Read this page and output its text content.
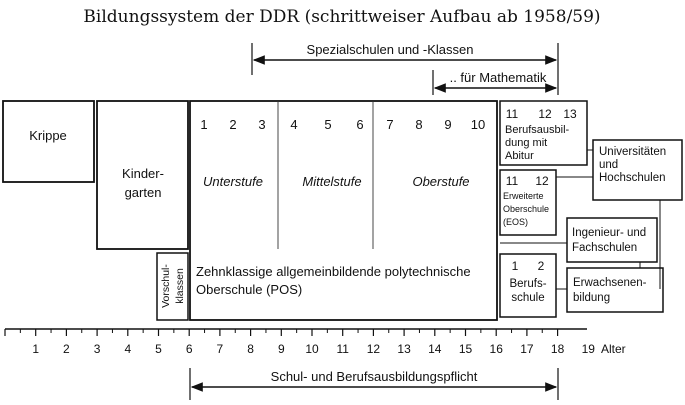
Bildungssystem der DDR (schrittweiser Aufbau ab 1958/59)
Spezialschulen und -Klassen
.. für Mathematik
Krippe
Kinder-
garten
Vorschul- klassen
1 2 3 4 5 6 7 8 9 10
Unterstufe	Mittelstufe	Oberstufe
Zehnklassige allgemeinbildende polytechnische
Oberschule (POS)
11 12 13
Berufsausbil-
dung mit
Abitur
11 12
Erweiterte
Oberschule
(EOS)
Universitäten
und
Hochschulen
Ingenieur- und
Fachschulen
1 2
Berufs-
schule
Erwachsenen-
bildung
1 2 3 4 5 6 7 8 9 10 11 12 13 14 15 16 17 18 19 Alter
Schul- und Berufsausbildungspflicht
